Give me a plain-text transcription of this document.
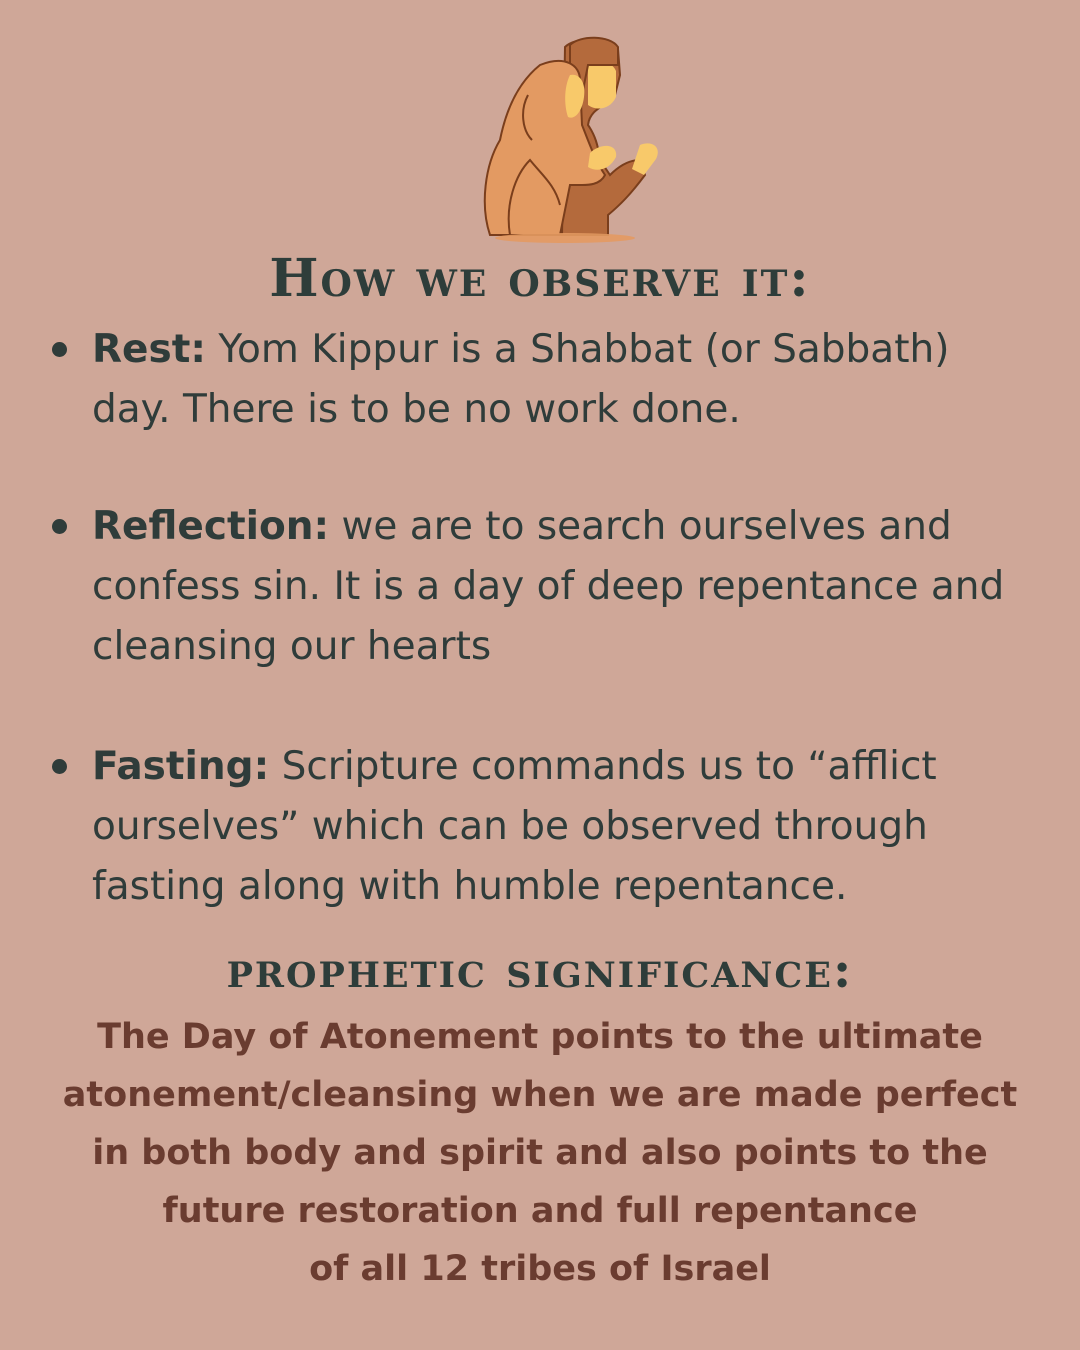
How we observe it:
Rest: Yom Kippur is a Shabbat (or Sabbath)
day. There is to be no work done.
Reflection: we are to search ourselves and
confess sin. It is a day of deep repentance and
cleansing our hearts
Fasting: Scripture commands us to “afflict
ourselves” which can be observed through
fasting along with humble repentance.
prophetic significance:

The Day of Atonement points to the ultimate
atonement/cleansing when we are made perfect
in both body and spirit and also points to the
future restoration and full repentance
of all 12 tribes of Israel
